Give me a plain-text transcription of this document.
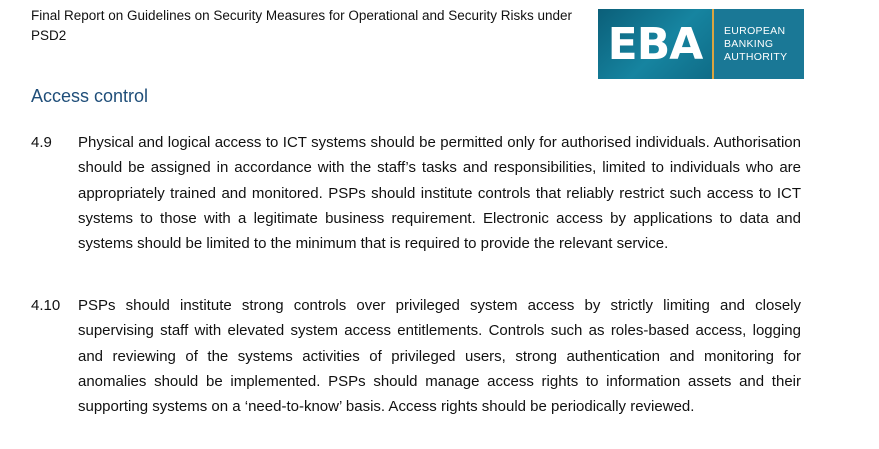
Final Report on Guidelines on Security Measures for Operational and Security Risks under PSD2	EBA	EUROPEAN
BANKING
AUTHORITY
Access control
4.9	Physical and logical access to ICT systems should be permitted only for authorised individuals. Authorisation should be assigned in accordance with the staff’s tasks and responsibilities, limited to individuals who are appropriately trained and monitored. PSPs should institute controls that reliably restrict such access to ICT systems to those with a legitimate business requirement. Electronic access by applications to data and systems should be limited to the minimum that is required to provide the relevant service.
4.10	PSPs should institute strong controls over privileged system access by strictly limiting and closely supervising staff with elevated system access entitlements. Controls such as roles-based access, logging and reviewing of the systems activities of privileged users, strong authentication and monitoring for anomalies should be implemented. PSPs should manage access rights to information assets and their supporting systems on a ‘need-to-know’ basis. Access rights should be periodically reviewed.
